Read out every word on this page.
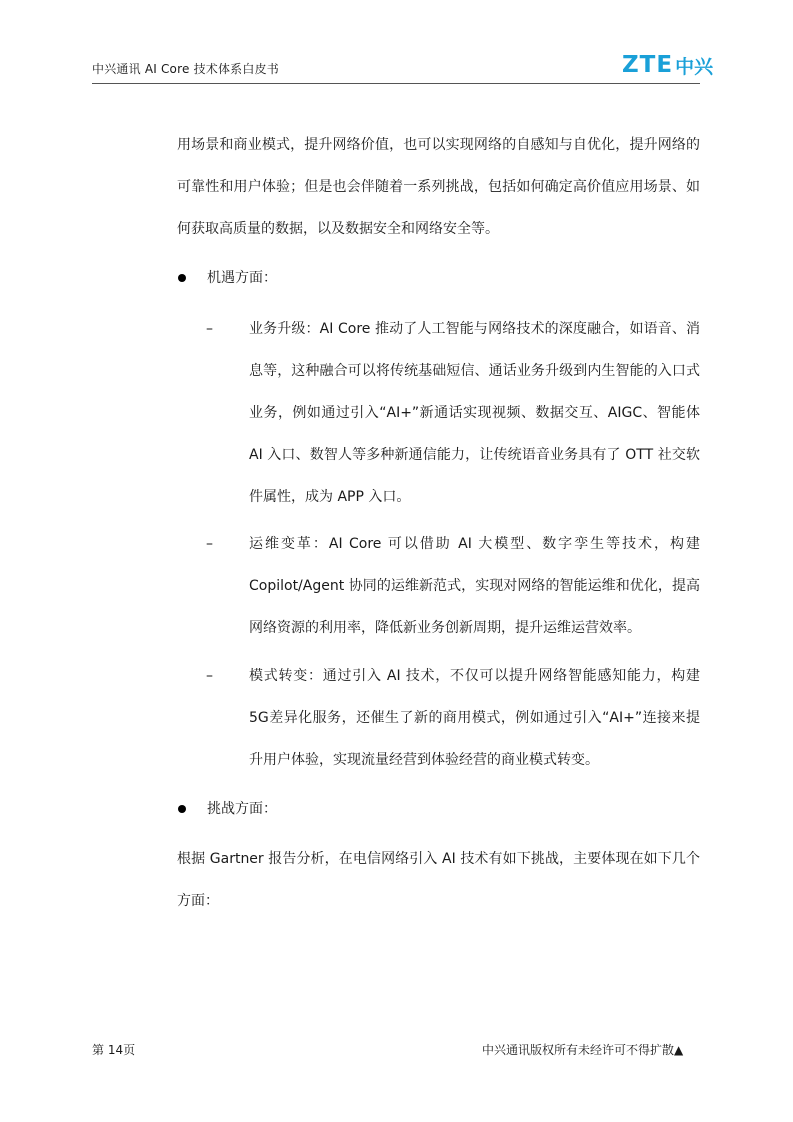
中兴通讯 AI Core 技术体系白皮书	ZTE 中兴
用场景和商业模式，提升网络价值，也可以实现网络的自感知与自优化，提升网络的可靠性和用户体验；但是也会伴随着一系列挑战，包括如何确定高价值应用场景、如何获取高质量的数据，以及数据安全和网络安全等。
机遇方面：
–	业务升级：AI Core 推动了人工智能与网络技术的深度融合，如语音、消息等，这种融合可以将传统基础短信、通话业务升级到内生智能的入口式业务，例如通过引入“AI+”新通话实现视频、数据交互、AIGC、智能体AI 入口、数智人等多种新通信能力，让传统语音业务具有了 OTT 社交软件属性，成为 APP 入口。
–	运维变革：AI Core 可以借助 AI 大模型、数字孪生等技术，构建Copilot/Agent 协同的运维新范式，实现对网络的智能运维和优化，提高网络资源的利用率，降低新业务创新周期，提升运维运营效率。
–	模式转变：通过引入 AI 技术，不仅可以提升网络智能感知能力，构建 5G差异化服务，还催生了新的商用模式，例如通过引入“AI+”连接来提升用户体验，实现流量经营到体验经营的商业模式转变。
挑战方面：
根据 Gartner 报告分析，在电信网络引入 AI 技术有如下挑战，主要体现在如下几个方面：
第 14页	中兴通讯版权所有未经许可不得扩散▲
